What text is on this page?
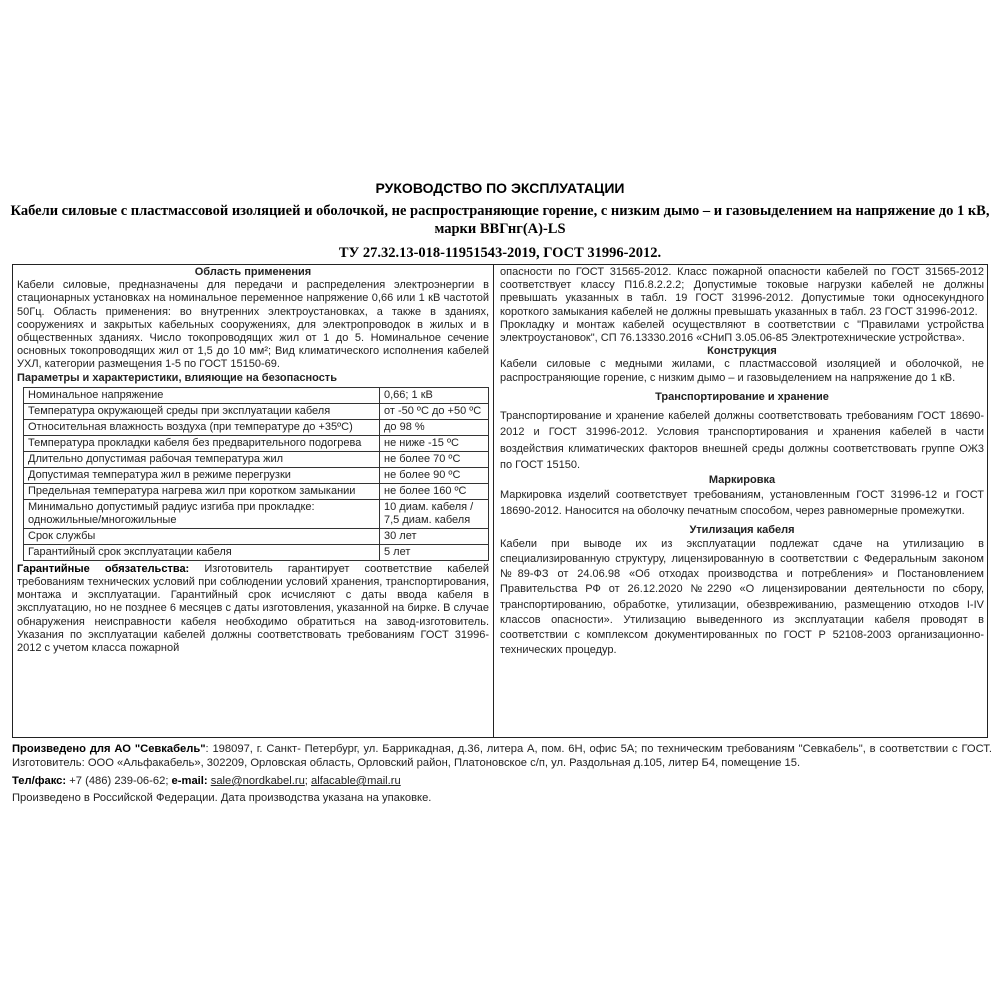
РУКОВОДСТВО ПО ЭКСПЛУАТАЦИИ
Кабели силовые с пластмассовой изоляцией и оболочкой, не распространяющие горение, с низким дымо – и газовыделением на напряжение до 1 кВ, марки ВВГнг(А)-LS
ТУ 27.32.13-018-11951543-2019, ГОСТ 31996-2012.

Область применения

Кабели силовые, предназначены для передачи и распределения электроэнергии в стационарных установках на номинальное переменное напряжение 0,66 или 1 кВ частотой 50Гц. Область применения: во внутренних электроустановках, а также в зданиях, сооружениях и закрытых кабельных сооружениях, для электропроводок в жилых и в общественных зданиях. Число токопроводящих жил от 1 до 5. Номинальное сечение основных токопроводящих жил от 1,5 до 10 мм²; Вид климатического исполнения кабелей УХЛ, категории размещения 1-5 по ГОСТ 15150-69.

Параметры и характеристики, влияющие на безопасность

Номинальное напряжение	0,66; 1 кВ
Температура окружающей среды при эксплуатации кабеля	от -50 ºС до +50 ºС
Относительная влажность воздуха (при температуре до +35ºС)	до 98 %
Температура прокладки кабеля без предварительного подогрева	не ниже -15 ºС
Длительно допустимая рабочая температура жил	не более 70 ºС
Допустимая температура жил в режиме перегрузки	не более 90 ºС
Предельная температура нагрева жил при коротком замыкании	не более 160 ºС
Минимально допустимый радиус изгиба при прокладке: одножильные/многожильные	10 диам. кабеля / 7,5 диам. кабеля
Срок службы	30 лет
Гарантийный срок эксплуатации кабеля	5 лет

Гарантийные обязательства: Изготовитель гарантирует соответствие кабелей требованиям технических условий при соблюдении условий хранения, транспортирования, монтажа и эксплуатации. Гарантийный срок исчисляют с даты ввода кабеля в эксплуатацию, но не позднее 6 месяцев с даты изготовления, указанной на бирке. В случае обнаружения неисправности кабеля необходимо обратиться на завод-изготовитель. Указания по эксплуатации кабелей должны соответствовать требованиям ГОСТ 31996-2012 с учетом класса пожарной

опасности по ГОСТ 31565-2012. Класс пожарной опасности кабелей по ГОСТ 31565-2012 соответствует классу П1б.8.2.2.2; Допустимые токовые нагрузки кабелей не должны превышать указанных в табл. 19 ГОСТ 31996-2012. Допустимые токи односекундного короткого замыкания кабелей не должны превышать указанных в табл. 23 ГОСТ 31996-2012.

Прокладку и монтаж кабелей осуществляют в соответствии с "Правилами устройства электроустановок", СП 76.13330.2016 «СНиП 3.05.06-85 Электротехнические устройства».

Конструкция

Кабели силовые с медными жилами, с пластмассовой изоляцией и оболочкой, не распространяющие горение, с низким дымо – и газовыделением на напряжение до 1 кВ.

Транспортирование и хранение

Транспортирование и хранение кабелей должны соответствовать требованиям ГОСТ 18690-2012 и ГОСТ 31996-2012. Условия транспортирования и хранения кабелей в части воздействия климатических факторов внешней среды должны соответствовать группе ОЖ3 по ГОСТ 15150.

Маркировка

Маркировка изделий соответствует требованиям, установленным ГОСТ 31996-12 и ГОСТ 18690-2012. Наносится на оболочку печатным способом, через равномерные промежутки.

Утилизация кабеля

Кабели при выводе их из эксплуатации подлежат сдаче на утилизацию в специализированную структуру, лицензированную в соответствии с Федеральным законом №89-ФЗ от 24.06.98 «Об отходах производства и потребления» и Постановлением Правительства РФ от 26.12.2020 №2290 «О лицензировании деятельности по сбору, транспортированию, обработке, утилизации, обезвреживанию, размещению отходов I-IV классов опасности». Утилизацию выведенного из эксплуатации кабеля проводят в соответствии с комплексом документированных по ГОСТ Р 52108-2003 организационно-технических процедур.

Произведено для АО "Севкабель": 198097, г. Санкт- Петербург, ул. Баррикадная, д.36, литера А, пом. 6Н, офис 5А; по техническим требованиям "Севкабель", в соответствии с ГОСТ. Изготовитель: ООО «Альфакабель», 302209, Орловская область, Орловский район, Платоновское с/п, ул. Раздольная д.105, литер Б4, помещение 15.
Тел/факс: +7 (486) 239-06-62; e-mail: sale@nordkabel.ru; alfacable@mail.ru
Произведено в Российской Федерации. Дата производства указана на упаковке.
